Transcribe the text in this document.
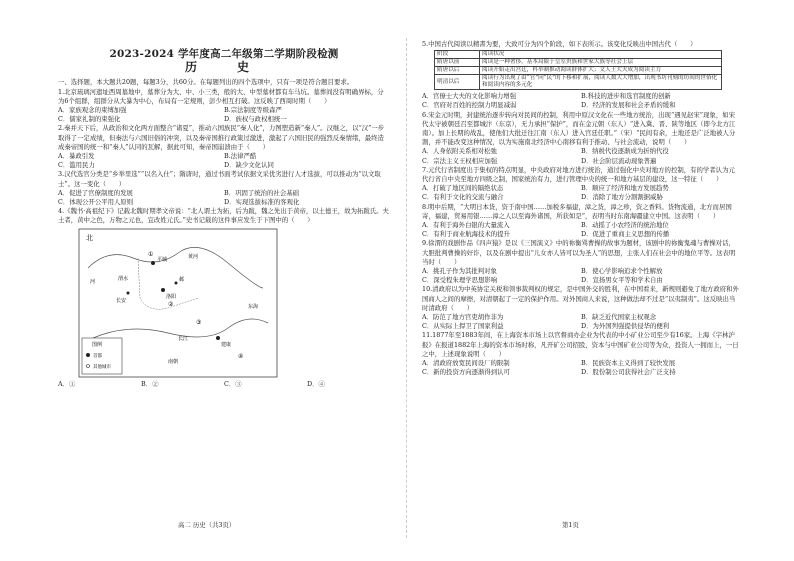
2023-2024 学年度高二年级第二学期阶段检测
历　史

一、选择题，本大题共20题，每题3分，共60分。在每题列出的四个选项中，只有一项是符合题目要求。

1.北京琉璃河遗址西周墓地中，墓葬分为大、中、小三类，般的大、中型墓材都有车马坑。墓葬间没有明确界标，分为6个组群，组群分从大暴为中心，布局有一定规则，彭少相互打破。这反映了西周时期（　　）

A．家族观念的束缚加强	B.宗法制度等级森严
C．儒家礼制的束强化	D．族权与政权相统一

2.秦并天下后，从政治和文化两方面整合“诸夏”，推动六国族民“秦人化”，力图塑造新“秦人”。汉继之，以“汉”一步取得了一定成绩，但秦法与六国旧俗的冲突，以及秦帝国推行政策过激进，激起了六国旧民的强烈反秦情绪，最终造成秦帝国的统一和“秦人”认同的瓦解，据此可知，秦帝国崩溃由于（　　）

A．暴政引发	B.法律严酷
C．滥用民力	D．缺少文化认同

3.汉代选官分类是“乡举里选”“以名入仕”；隋唐时，通过书面考试依据文采优劣进行人才选拔，可以推动为“以文取士”。这一变化（　　）

A．促进了官僚制度的发展	B．巩固了统治的社会基础
C．体现公开公平用人原则	D．实现选拔标准的客观化

4.《魏书·高祖纪下》记载北魏时期孝文帝说：“北人谓土为拓，后为跋，魏之先出于黄帝，以土德王，故为拓跋氏。夫土者，黄中之色，万物之元也，宜改姓元氏。”史书记载的这件事应发生于下图中的（　　）

北
河
平城
洛阳
邺
长安
建康
①
②
③
④
渭水
黄河
长江
东海
南朝
图例
首都
其他城市
A．①	B．②	C．③	D．④

5.中国古代阅读以精書为要，大致可分为四个阶段，如下表所示。该变化反映出中国古代（　　）

阶段	阅读状况
隋唐以前	阅读是一种奢侈，基本局限于皇室贵族和世家大族等社会上层
隋唐以后	阅读开始走出宫廷，科举制推动阅读群体扩大；文人士大夫成为阅读主力
明清以后	阅读行为出现了由“官”向“民”的下移和扩展，阅读人数大大增加，出现书坊刊刻的坊间的世俗化和阅读内容的多元化
A．官僚士大夫的文化影响力增强	B.科技的进步和选官制度的创新
C．官府对百姓的控制力明显减弱	D．经济的发展和社会矛盾的缓和

6.宋金元时期，封建统治逐步转向对民间的控制，利用中原汉文化在一些地方统治，出现“遇见赵宋”现象，如宋代太守被朝廷召至都城汴（东京），无力承担“保护”，而在金元朝（东人）“进入冀、晋、陕等地区（即今北方江南）。加上长期的战乱，使他们大批迁往江南（东人）进入宫廷任职。”（宋）“民间有余，土地还是广泛地被人分割，并不能改变这种情况，以为实施南北经济中心南移有利于推动、与社会流动，说明（　　）

A．人身依附关系相对松弛	B．纳税代役逐渐成为折纳代役
C．宗法主义王权相应加强	D．社会阶层流动现象普遍

7.元代行省制度出于集权的特点明显，中央政府对地方进行统治，通过强化中央对地方的控制，有的学者认为元代行省自中央至地方四级之制，国家统治有力，进行管理中央的统一和地方基层的建设，这一特征（　　）

A．打破了地区间的隔绝状态	B．顺应了经济和地方发展趋势
C．有利于文化的交流与融合	D．消除了地方分割割据威胁

8.明中后期，“大明日本货，资于南中国……加税多福建，漳之货，漳之珍，资之香料。货物流通，北方而居国寄，福建，贸易用银……漳之人以至海外诸国，所获如是”，表明当时东南海疆建立中国。这表明（　　）

A．有利于海外白银的大量流入	B．动摇了小农经济的统治地位
C．有利于商业航海技术的提升	D．促进了重商主义思想的传播

9.徐渭的戏剧作品《四声猿》是以《三国演义》中的祢衡骂曹操的故事为题材，该剧中的祢衡鬼魂与曹操对话，大胆批判曹操的奸诈，以及在剧中提出“儿女亦人皆可以为圣人”的思想，主张人们在社会中的地位平等。这表明当时（　　）

A．挑孔子作为其批判对象	B．使心学影响追求个性解放
C．深受程朱理学思想影响	D．宣扬男女平等和学术自由

10.清政府以为中英协定关税和领事裁判权的规定，是中国外交的胜利，在中国看来，新规则避免了地方政府和外国商人之间的摩擦，对清朝起了一定的保护作用。对外国商人来说，这种做法却不过是“以夷制夷”。这反映出当时清政府（　　）

A．防范了地方官吏胡作非为	B．缺乏近代国家主权观念
C．从实际上捍卫了国家利益	D．为外国列强提供侵华的便利

11.1877年至1883年间，在上海资本市场上以官督商办企业为代表的中小矿业公司至少有16家。上海《字林沪报》在报道1882年上海的资本市场时称，凡开矿公司招股，资本与中国矿业公司等为众，投资人一拥而上，一日之中，上述现象说明（　　）

A．清政府放宽民间设厂的限制	B．民族资本主义得到了较快发展
C．新的投资方向逐渐得到认可	D．股份制公司获得社会广泛支持
高二 历史（共3页）	第1页
